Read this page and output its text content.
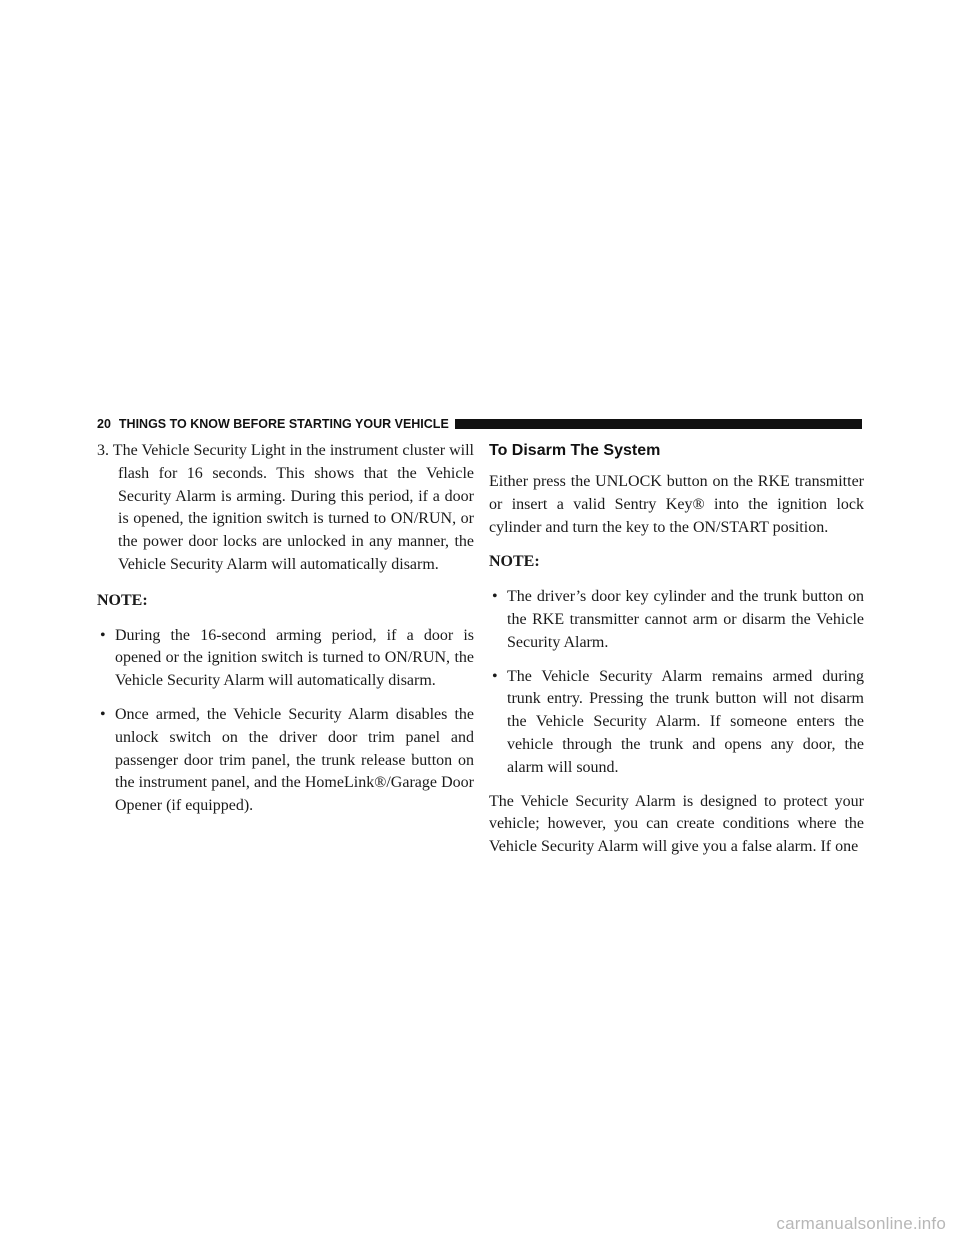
20 THINGS TO KNOW BEFORE STARTING YOUR VEHICLE

3. The Vehicle Security Light in the instrument cluster will flash for 16 seconds. This shows that the Vehicle Security Alarm is arming. During this period, if a door is opened, the ignition switch is turned to ON/RUN, or the power door locks are unlocked in any manner, the Vehicle Security Alarm will automatically disarm.

NOTE:

• During the 16-second arming period, if a door is opened or the ignition switch is turned to ON/RUN, the Vehicle Security Alarm will automatically disarm.

• Once armed, the Vehicle Security Alarm disables the unlock switch on the driver door trim panel and passenger door trim panel, the trunk release button on the instrument panel, and the HomeLink®/Garage Door Opener (if equipped).

To Disarm The System

Either press the UNLOCK button on the RKE transmitter or insert a valid Sentry Key® into the ignition lock cylinder and turn the key to the ON/START position.

NOTE:

• The driver’s door key cylinder and the trunk button on the RKE transmitter cannot arm or disarm the Vehicle Security Alarm.

• The Vehicle Security Alarm remains armed during trunk entry. Pressing the trunk button will not disarm the Vehicle Security Alarm. If someone enters the vehicle through the trunk and opens any door, the alarm will sound.

The Vehicle Security Alarm is designed to protect your vehicle; however, you can create conditions where the Vehicle Security Alarm will give you a false alarm. If one

carmanualsonline.info
